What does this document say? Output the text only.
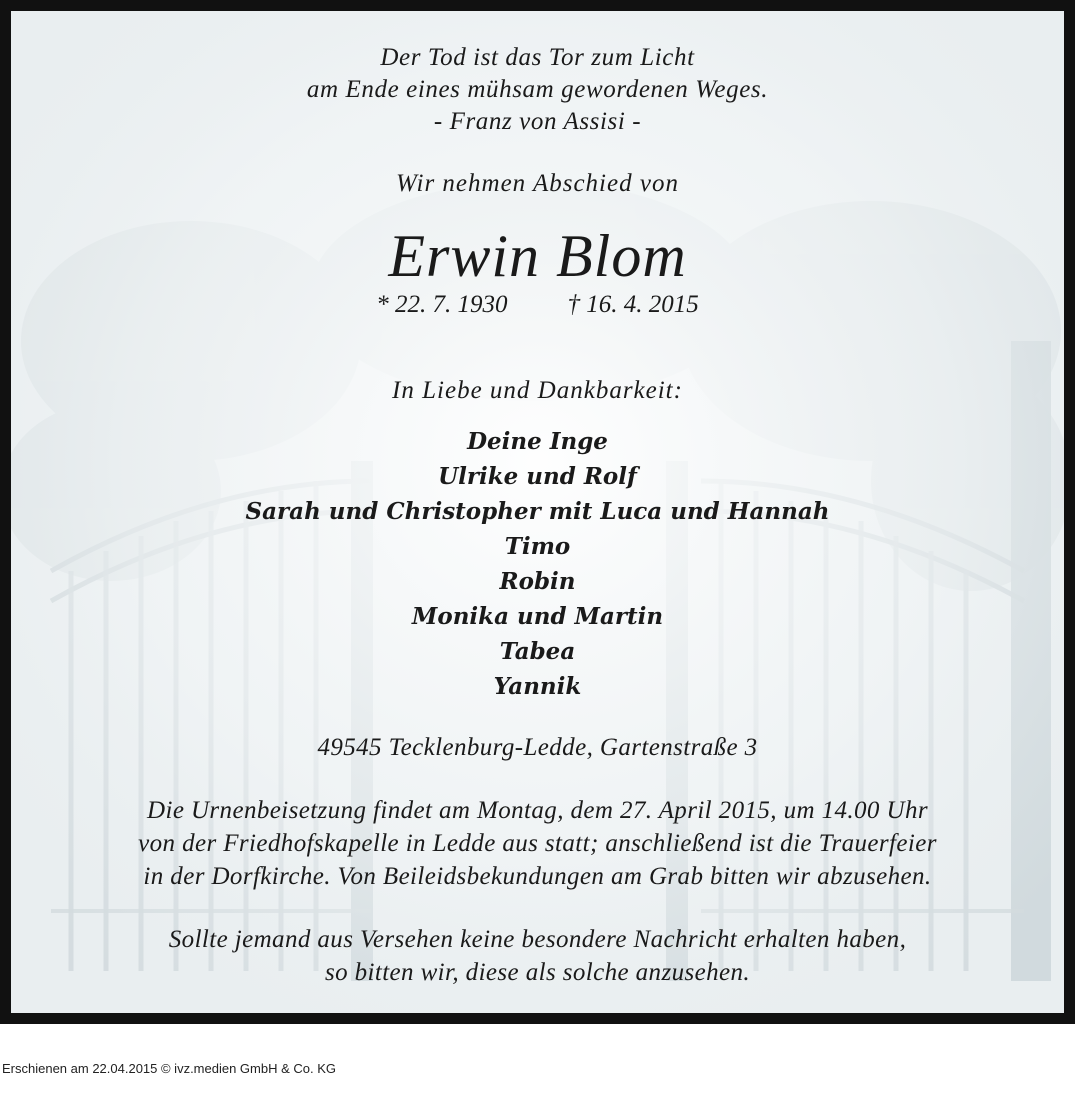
Der Tod ist das Tor zum Licht
am Ende eines mühsam gewordenen Weges.
- Franz von Assisi -
Wir nehmen Abschied von
Erwin Blom
* 22. 7. 1930 † 16. 4. 2015
In Liebe und Dankbarkeit:
Deine Inge
Ulrike und Rolf
Sarah und Christopher mit Luca und Hannah
Timo
Robin
Monika und Martin
Tabea
Yannik
49545 Tecklenburg-Ledde, Gartenstraße 3
Die Urnenbeisetzung findet am Montag, dem 27. April 2015, um 14.00 Uhr
von der Friedhofskapelle in Ledde aus statt; anschließend ist die Trauerfeier
in der Dorfkirche. Von Beileidsbekundungen am Grab bitten wir abzusehen.
Sollte jemand aus Versehen keine besondere Nachricht erhalten haben,
so bitten wir, diese als solche anzusehen.
Erschienen am 22.04.2015 © ivz.medien GmbH & Co. KG
